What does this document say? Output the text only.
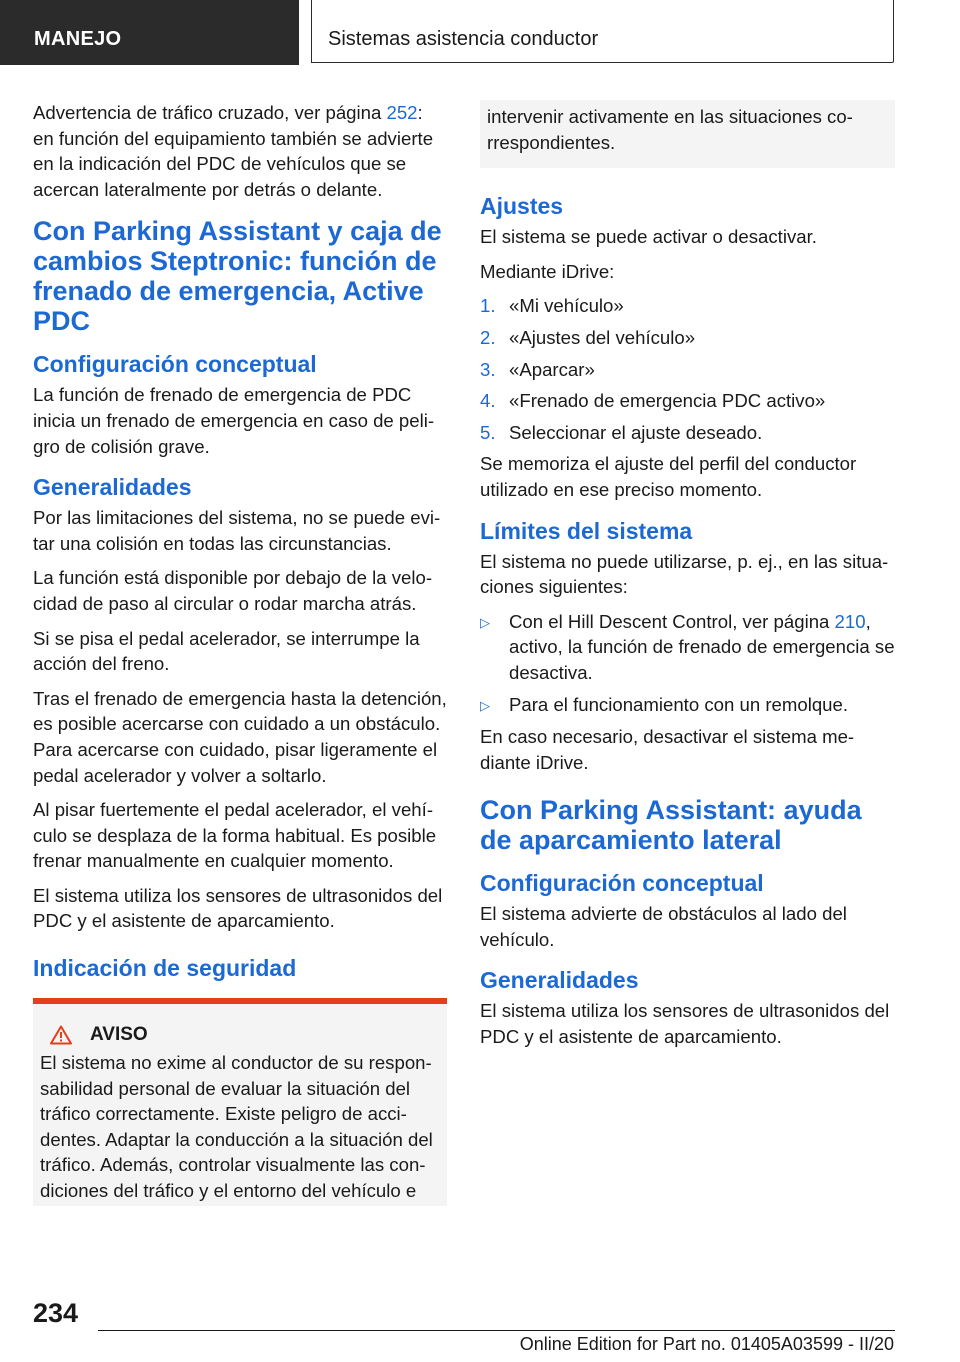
MANEJO	Sistemas asistencia conductor

Advertencia de tráfico cruzado, ver página 252: en función del equipamiento también se advierte en la indicación del PDC de vehículos que se acercan lateralmente por detrás o delante.

Con Parking Assistant y caja de cambios Steptronic: función de frenado de emergencia, Active PDC
Configuración conceptual

La función de frenado de emergencia de PDC inicia un frenado de emergencia en caso de peligro de colisión grave.

Generalidades

Por las limitaciones del sistema, no se puede evitar una colisión en todas las circunstancias.

La función está disponible por debajo de la velocidad de paso al circular o rodar marcha atrás.

Si se pisa el pedal acelerador, se interrumpe la acción del freno.

Tras el frenado de emergencia hasta la detención, es posible acercarse con cuidado a un obstáculo. Para acercarse con cuidado, pisar ligeramente el pedal acelerador y volver a soltarlo.

Al pisar fuertemente el pedal acelerador, el vehículo se desplaza de la forma habitual. Es posible frenar manualmente en cualquier momento.

El sistema utiliza los sensores de ultrasonidos del PDC y el asistente de aparcamiento.

Indicación de seguridad
AVISO

El sistema no exime al conductor de su responsabilidad personal de evaluar la situación del tráfico correctamente. Existe peligro de accidentes. Adaptar la conducción a la situación del tráfico. Además, controlar visualmente las condiciones del tráfico y el entorno del vehículo e

intervenir activamente en las situaciones correspondientes.

Ajustes

El sistema se puede activar o desactivar.

Mediante iDrive:

1. «Mi vehículo»
2. «Ajustes del vehículo»
3. «Aparcar»
4. «Frenado de emergencia PDC activo»
5. Seleccionar el ajuste deseado.

Se memoriza el ajuste del perfil del conductor utilizado en ese preciso momento.

Límites del sistema

El sistema no puede utilizarse, p. ej., en las situaciones siguientes:

▷	Con el Hill Descent Control, ver página 210, activo, la función de frenado de emergencia se desactiva.
▷	Para el funcionamiento con un remolque.

En caso necesario, desactivar el sistema mediante iDrive.

Con Parking Assistant: ayuda de aparcamiento lateral
Configuración conceptual

El sistema advierte de obstáculos al lado del vehículo.

Generalidades

El sistema utiliza los sensores de ultrasonidos del PDC y el asistente de aparcamiento.

234
Online Edition for Part no. 01405A03599 - II/20
